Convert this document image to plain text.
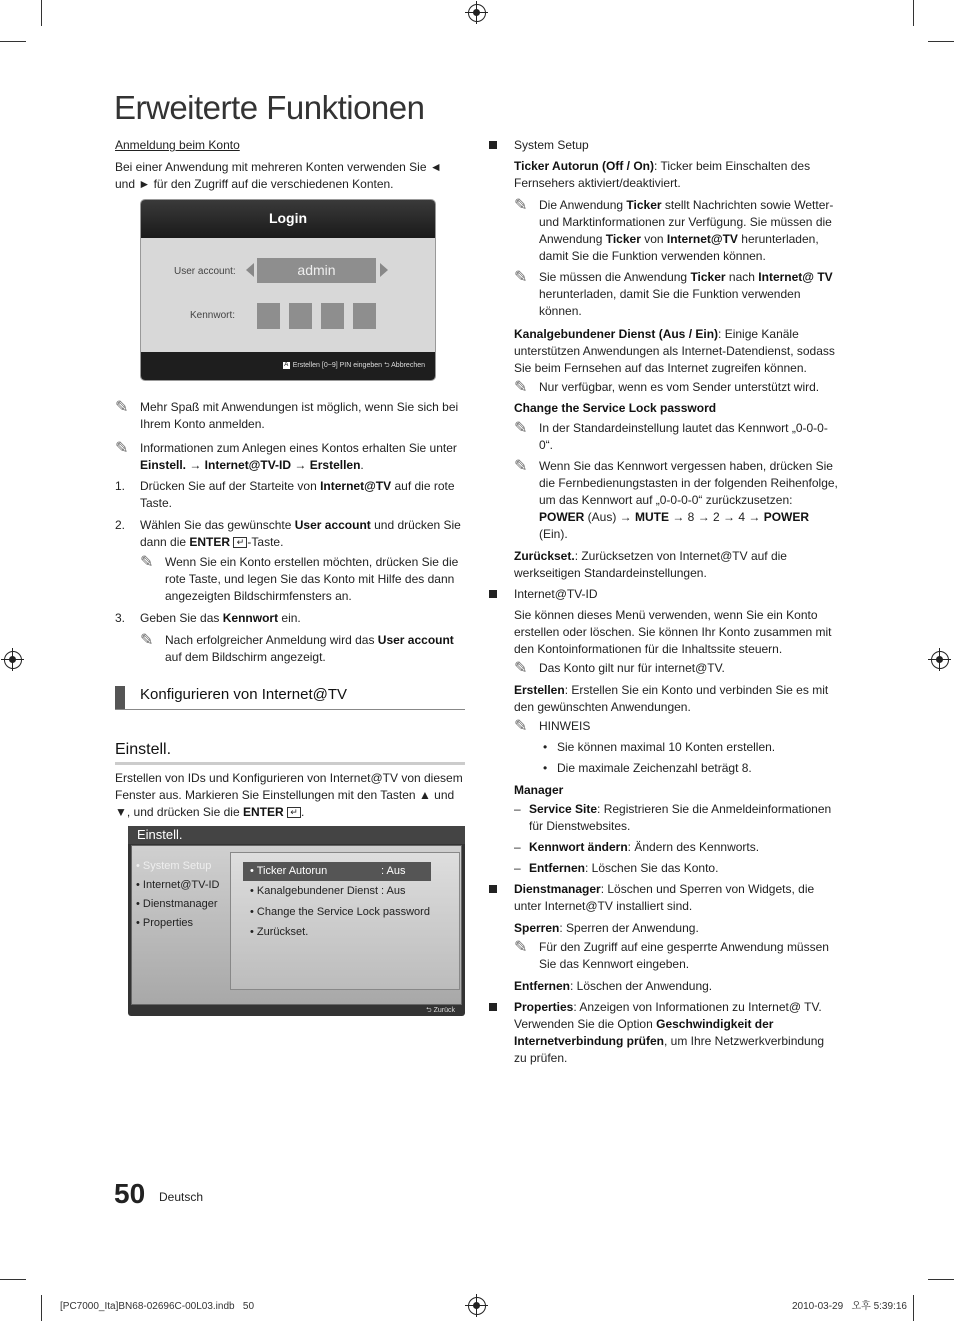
Erweiterte Funktionen
Anmeldung beim Konto
Bei einer Anwendung mit mehreren Konten verwenden Sie ◄ und ► für den Zugriff auf die verschiedenen Konten.
Login
User account:	admin
Kennwort:
A Erstellen [0~9] PIN eingeben ⮌ Abbrechen
✎ Mehr Spaß mit Anwendungen ist möglich, wenn Sie sich bei Ihrem Konto anmelden.
✎ Informationen zum Anlegen eines Kontos erhalten Sie unter Einstell. → Internet@TV-ID → Erstellen.
1. Drücken Sie auf der Starteite von Internet@TV auf die rote Taste.
2. Wählen Sie das gewünschte User account und drücken Sie dann die ENTER ↵ -Taste.
✎ Wenn Sie ein Konto erstellen möchten, drücken Sie die rote Taste, und legen Sie das Konto mit Hilfe des dann angezeigten Bildschirmfensters an.
3. Geben Sie das Kennwort ein.
✎ Nach erfolgreicher Anmeldung wird das User account auf dem Bildschirm angezeigt.
Konfigurieren von Internet@TV
Einstell.
Erstellen von IDs und Konfigurieren von Internet@TV von diesem Fenster aus. Markieren Sie Einstellungen mit den Tasten ▲ und ▼, und drücken Sie die ENTER ↵ .
Einstell.
• System Setup
• Internet@TV-ID
• Dienstmanager
• Properties
• Ticker Autorun	: Aus
• Kanalgebundener Dienst : Aus
• Change the Service Lock password
• Zurückset.
⮌ Zurück
System Setup
Ticker Autorun (Off / On): Ticker beim Einschalten des Fernsehers aktiviert/deaktiviert.
✎ Die Anwendung Ticker stellt Nachrichten sowie Wetter- und Marktinformationen zur Verfügung. Sie müssen die Anwendung Ticker von Internet@TV herunterladen, damit Sie die Funktion verwenden können.
✎ Sie müssen die Anwendung Ticker nach Internet@ TV herunterladen, damit Sie die Funktion verwenden können.
Kanalgebundener Dienst (Aus / Ein): Einige Kanäle unterstützen Anwendungen als Internet-Datendienst, sodass Sie beim Fernsehen auf das Internet zugreifen können.
✎ Nur verfügbar, wenn es vom Sender unterstützt wird.
Change the Service Lock password
✎ In der Standardeinstellung lautet das Kennwort „0-0-0-0“.
✎ Wenn Sie das Kennwort vergessen haben, drücken Sie die Fernbedienungstasten in der folgenden Reihenfolge, um das Kennwort auf „0-0-0-0“ zurückzusetzen: POWER (Aus) → MUTE → 8 → 2 → 4 → POWER (Ein).
Zurückset.: Zurücksetzen von Internet@TV auf die werkseitigen Standardeinstellungen.
Internet@TV-ID
Sie können dieses Menü verwenden, wenn Sie ein Konto erstellen oder löschen. Sie können Ihr Konto zusammen mit den Kontoinformationen für die Inhaltssite steuern.
✎ Das Konto gilt nur für internet@TV.
Erstellen: Erstellen Sie ein Konto und verbinden Sie es mit den gewünschten Anwendungen.
✎ HINWEIS
• Sie können maximal 10 Konten erstellen.
• Die maximale Zeichenzahl beträgt 8.
Manager
– Service Site: Registrieren Sie die Anmeldeinformationen für Dienstwebsites.
– Kennwort ändern: Ändern des Kennworts.
– Entfernen: Löschen Sie das Konto.
Dienstmanager: Löschen und Sperren von Widgets, die unter Internet@TV installiert sind.
Sperren: Sperren der Anwendung.
✎ Für den Zugriff auf eine gesperrte Anwendung müssen Sie das Kennwort eingeben.
Entfernen: Löschen der Anwendung.
Properties: Anzeigen von Informationen zu Internet@ TV. Verwenden Sie die Option Geschwindigkeit der Internetverbindung prüfen, um Ihre Netzwerkverbindung zu prüfen.
50 Deutsch
[PC7000_Ita]BN68-02696C-00L03.indb   50	2010-03-29   오후 5:39:16
